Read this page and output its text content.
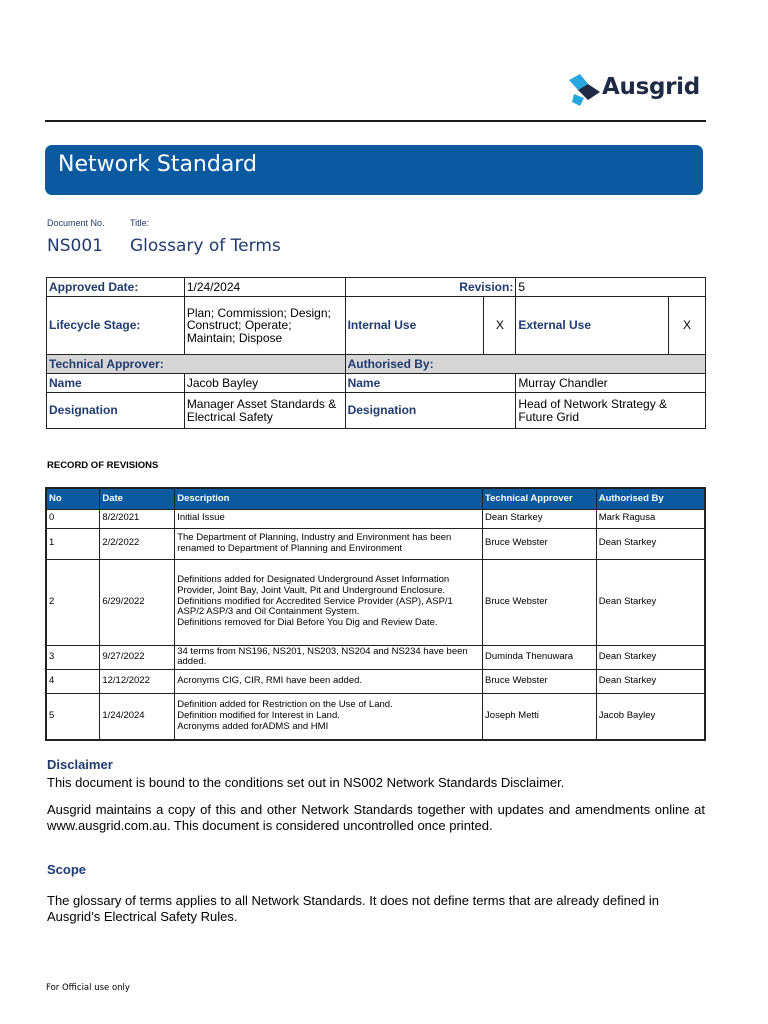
Ausgrid
Network Standard
Document No.	Title:
NS001 Glossary of Terms
Approved Date:	1/24/2024	Revision:		5	
Lifecycle Stage:	Plan; Commission; Design; Construct; Operate; Maintain; Dispose	Internal Use	X	External Use	X
Technical Approver:		Authorised By:			
Name	Jacob Bayley	Name		Murray Chandler	
Designation	Manager Asset Standards & Electrical Safety	Designation		Head of Network Strategy & Future Grid	
RECORD OF REVISIONS
No	Date	Description	Technical Approver	Authorised By
0	8/2/2021	Initial Issue	Dean Starkey	Mark Ragusa
1	2/2/2022	The Department of Planning, Industry and Environment has been renamed to Department of Planning and Environment	Bruce Webster	Dean Starkey
2	6/29/2022	Definitions added for Designated Underground Asset Information Provider, Joint Bay, Joint Vault, Pit and Underground Enclosure.
Definitions modified for Accredited Service Provider (ASP), ASP/1 ASP/2 ASP/3 and Oil Containment System.
Definitions removed for Dial Before You Dig and Review Date.	Bruce Webster	Dean Starkey
3	9/27/2022	34 terms from NS196, NS201, NS203, NS204 and NS234 have been added.	Duminda Thenuwara	Dean Starkey
4	12/12/2022	Acronyms CIG, CIR, RMI have been added.	Bruce Webster	Dean Starkey
5	1/24/2024	Definition added for Restriction on the Use of Land.
Definition modified for Interest in Land.
Acronyms added forADMS and HMI	Joseph Metti	Jacob Bayley
Disclaimer

This document is bound to the conditions set out in NS002 Network Standards Disclaimer.

Ausgrid maintains a copy of this and other Network Standards together with updates and amendments online at www.ausgrid.com.au. This document is considered uncontrolled once printed.

Scope

The glossary of terms applies to all Network Standards. It does not define terms that are already defined in Ausgrid’s Electrical Safety Rules.

For Official use only
